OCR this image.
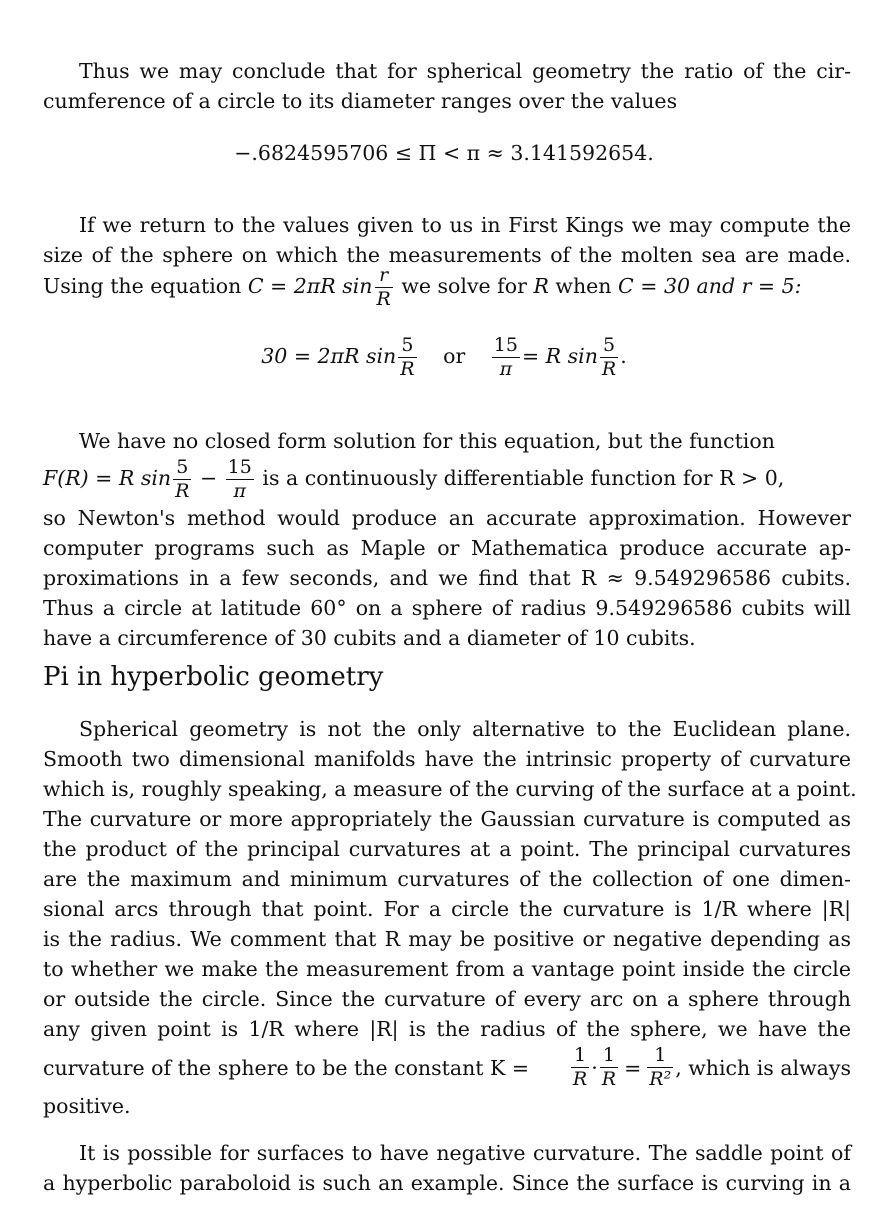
Thus we may conclude that for spherical geometry the ratio of the cir-
cumference of a circle to its diameter ranges over the values
−.6824595706 ≤ Π < π ≈ 3.141592654.
If we return to the values given to us in First Kings we may compute the
size of the sphere on which the measurements of the molten sea are made.
Using the equation C = 2πR $\sin \frac{r}{R}$ we solve for R when C = 30 and r = 5:
30 = 2πR $\sin \frac{5}{R}$ or $\frac{15}{\pi} = R$ $\sin \frac{5}{R}$ .
We have no closed form solution for this equation, but the function
F(R) = R $\sin \frac{5}{R} - \frac{15}{\pi}$ is a continuously differentiable function for R > 0,
so Newton's method would produce an accurate approximation. However
computer programs such as Maple or Mathematica produce accurate ap-
proximations in a few seconds, and we find that R ≈ 9.549296586 cubits.
Thus a circle at latitude 60° on a sphere of radius 9.549296586 cubits will
have a circumference of 30 cubits and a diameter of 10 cubits.
Pi in hyperbolic geometry
Spherical geometry is not the only alternative to the Euclidean plane.
Smooth two dimensional manifolds have the intrinsic property of curvature
which is, roughly speaking, a measure of the curving of the surface at a point.
The curvature or more appropriately the Gaussian curvature is computed as
the product of the principal curvatures at a point. The principal curvatures
are the maximum and minimum curvatures of the collection of one dimen-
sional arcs through that point. For a circle the curvature is 1/R where |R|
is the radius. We comment that R may be positive or negative depending as
to whether we make the measurement from a vantage point inside the circle
or outside the circle. Since the curvature of every arc on a sphere through
any given point is 1/R where |R| is the radius of the sphere, we have the
curvature of the sphere to be the constant $K = \frac{1}{R} \cdot \frac{1}{R} = \frac{1}{\text{R²}}$ , which is always
positive.
It is possible for surfaces to have negative curvature. The saddle point of
a hyperbolic paraboloid is such an example. Since the surface is curving in a
